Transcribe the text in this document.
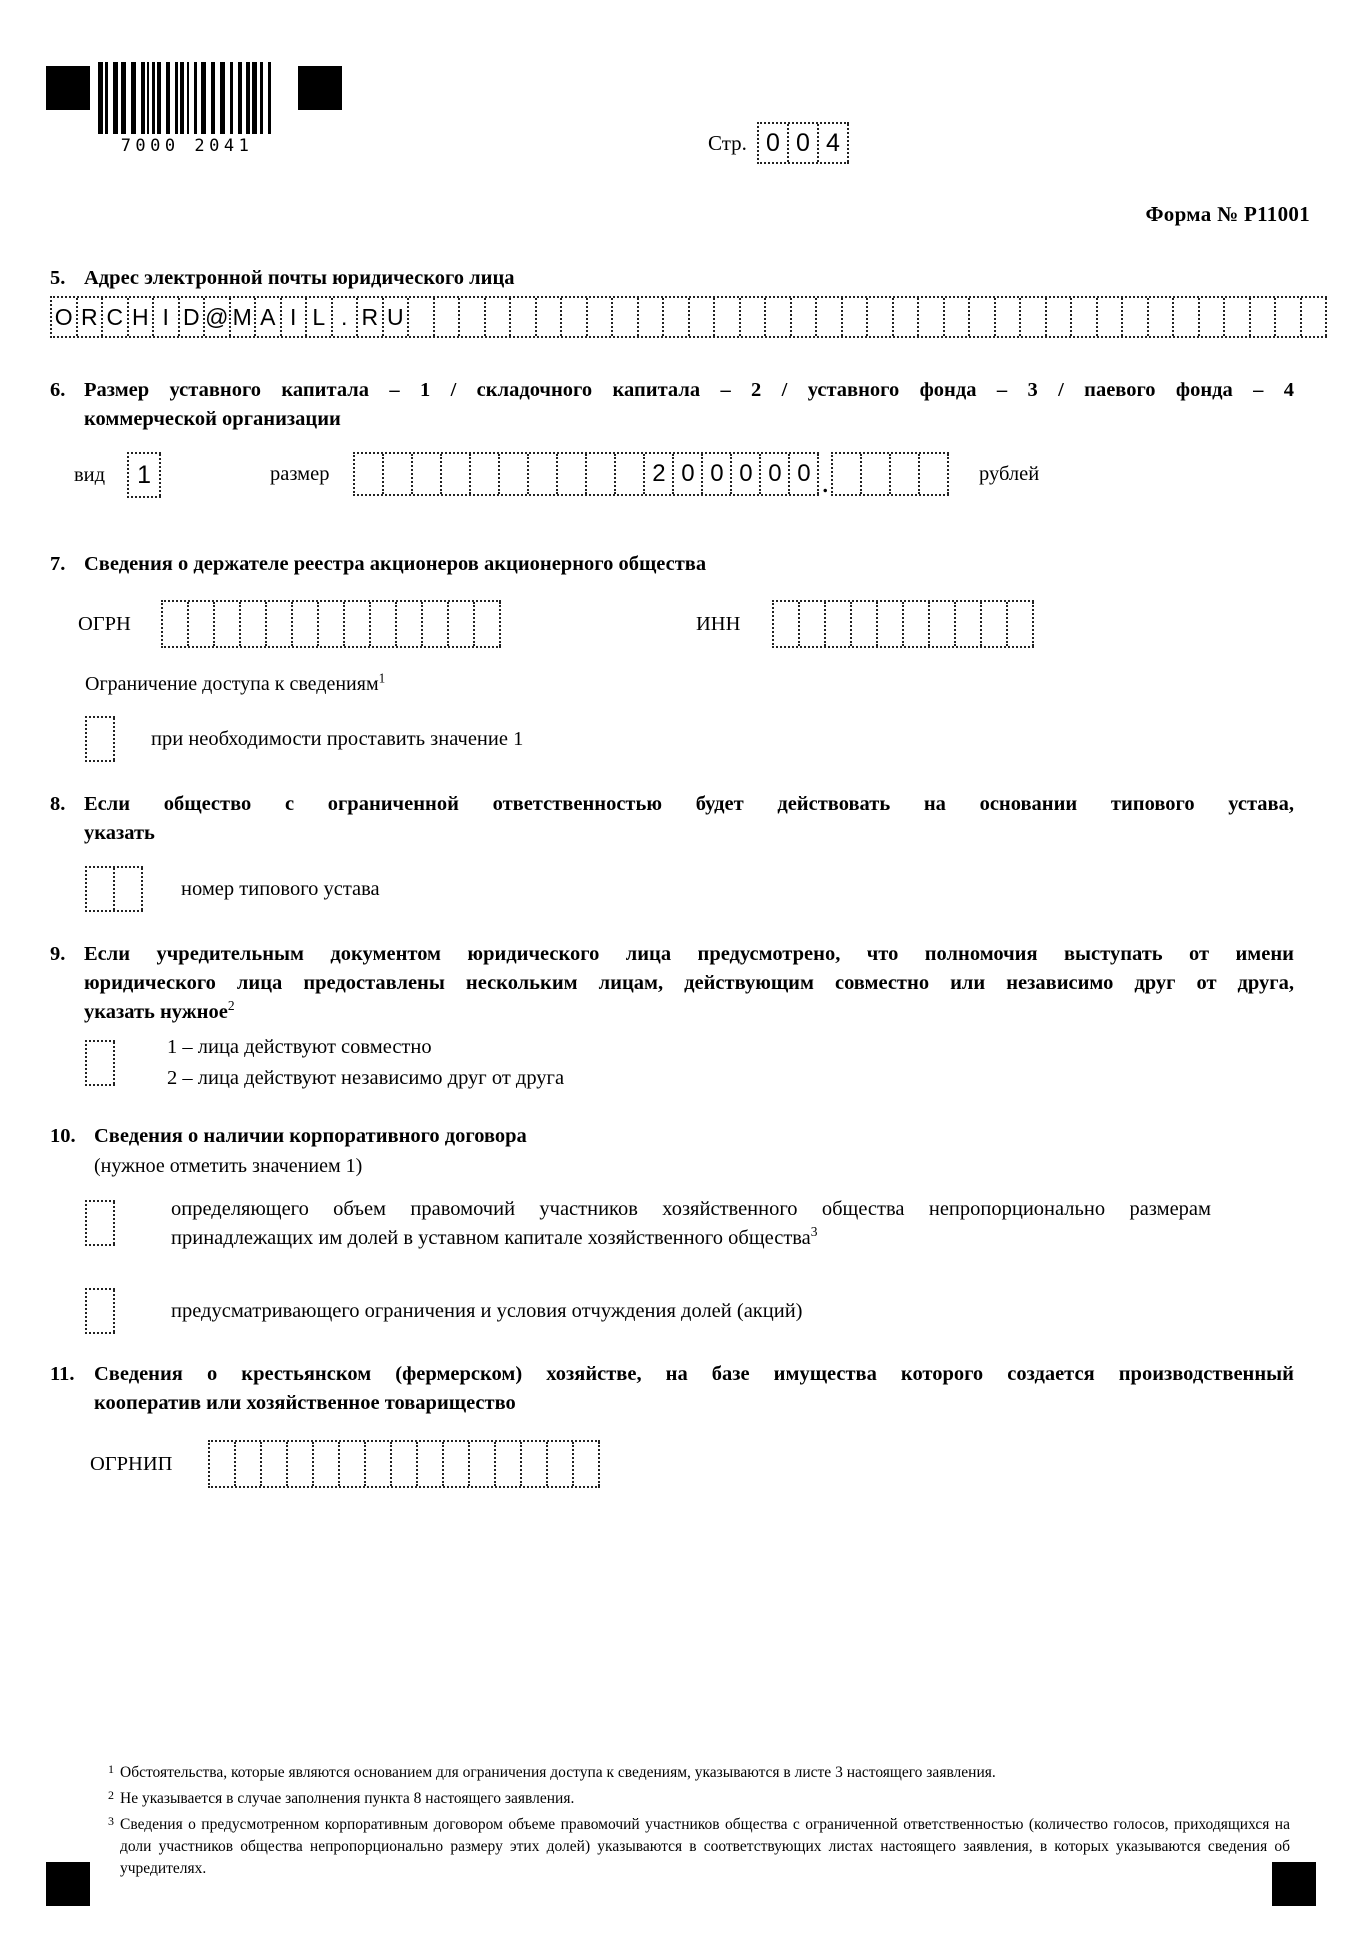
7000 2041	Стр. 0 0 4
Форма № Р11001
5. Адрес электронной почты юридического лица
O R C H I D @ M A I L . R U
6. Размер уставного капитала – 1 / складочного капитала – 2 / уставного фонда – 3 / паевого фонда – 4

коммерческой организации

вид	1	размер	2 0 0 0 0 0 .	рублей
7. Сведения о держателе реестра акционеров акционерного общества
ОГРН	ИНН
Ограничение доступа к сведениям$^1$
при необходимости проставить значение 1
8. Если общество с ограниченной ответственностью будет действовать на основании типового устава,

указать

номер типового устава
9. Если учредительным документом юридического лица предусмотрено, что полномочия выступать от имени

юридического лица предоставлены нескольким лицам, действующим совместно или независимо друг от друга,

указать нужное$^2$

1 – лица действуют совместно
2 – лица действуют независимо друг от друга
10. Сведения о наличии корпоративного договора
(нужное отметить значением 1)
определяющего объем правомочий участников хозяйственного общества непропорционально размерам
принадлежащих им долей в уставном капитале хозяйственного общества$^3$
предусматривающего ограничения и условия отчуждения долей (акций)
11. Сведения о крестьянском (фермерском) хозяйстве, на базе имущества которого создается производственный

кооператив или хозяйственное товарищество

ОГРНИП
1 Обстоятельства, которые являются основанием для ограничения доступа к сведениям, указываются в листе 3 настоящего заявления.
2 Не указывается в случае заполнения пункта 8 настоящего заявления.
3 Сведения о предусмотренном корпоративным договором объеме правомочий участников общества с ограниченной ответственностью (количество голосов, приходящихся на доли участников общества непропорционально размеру этих долей) указываются в соответствующих листах настоящего заявления, в которых указываются сведения об учредителях.
